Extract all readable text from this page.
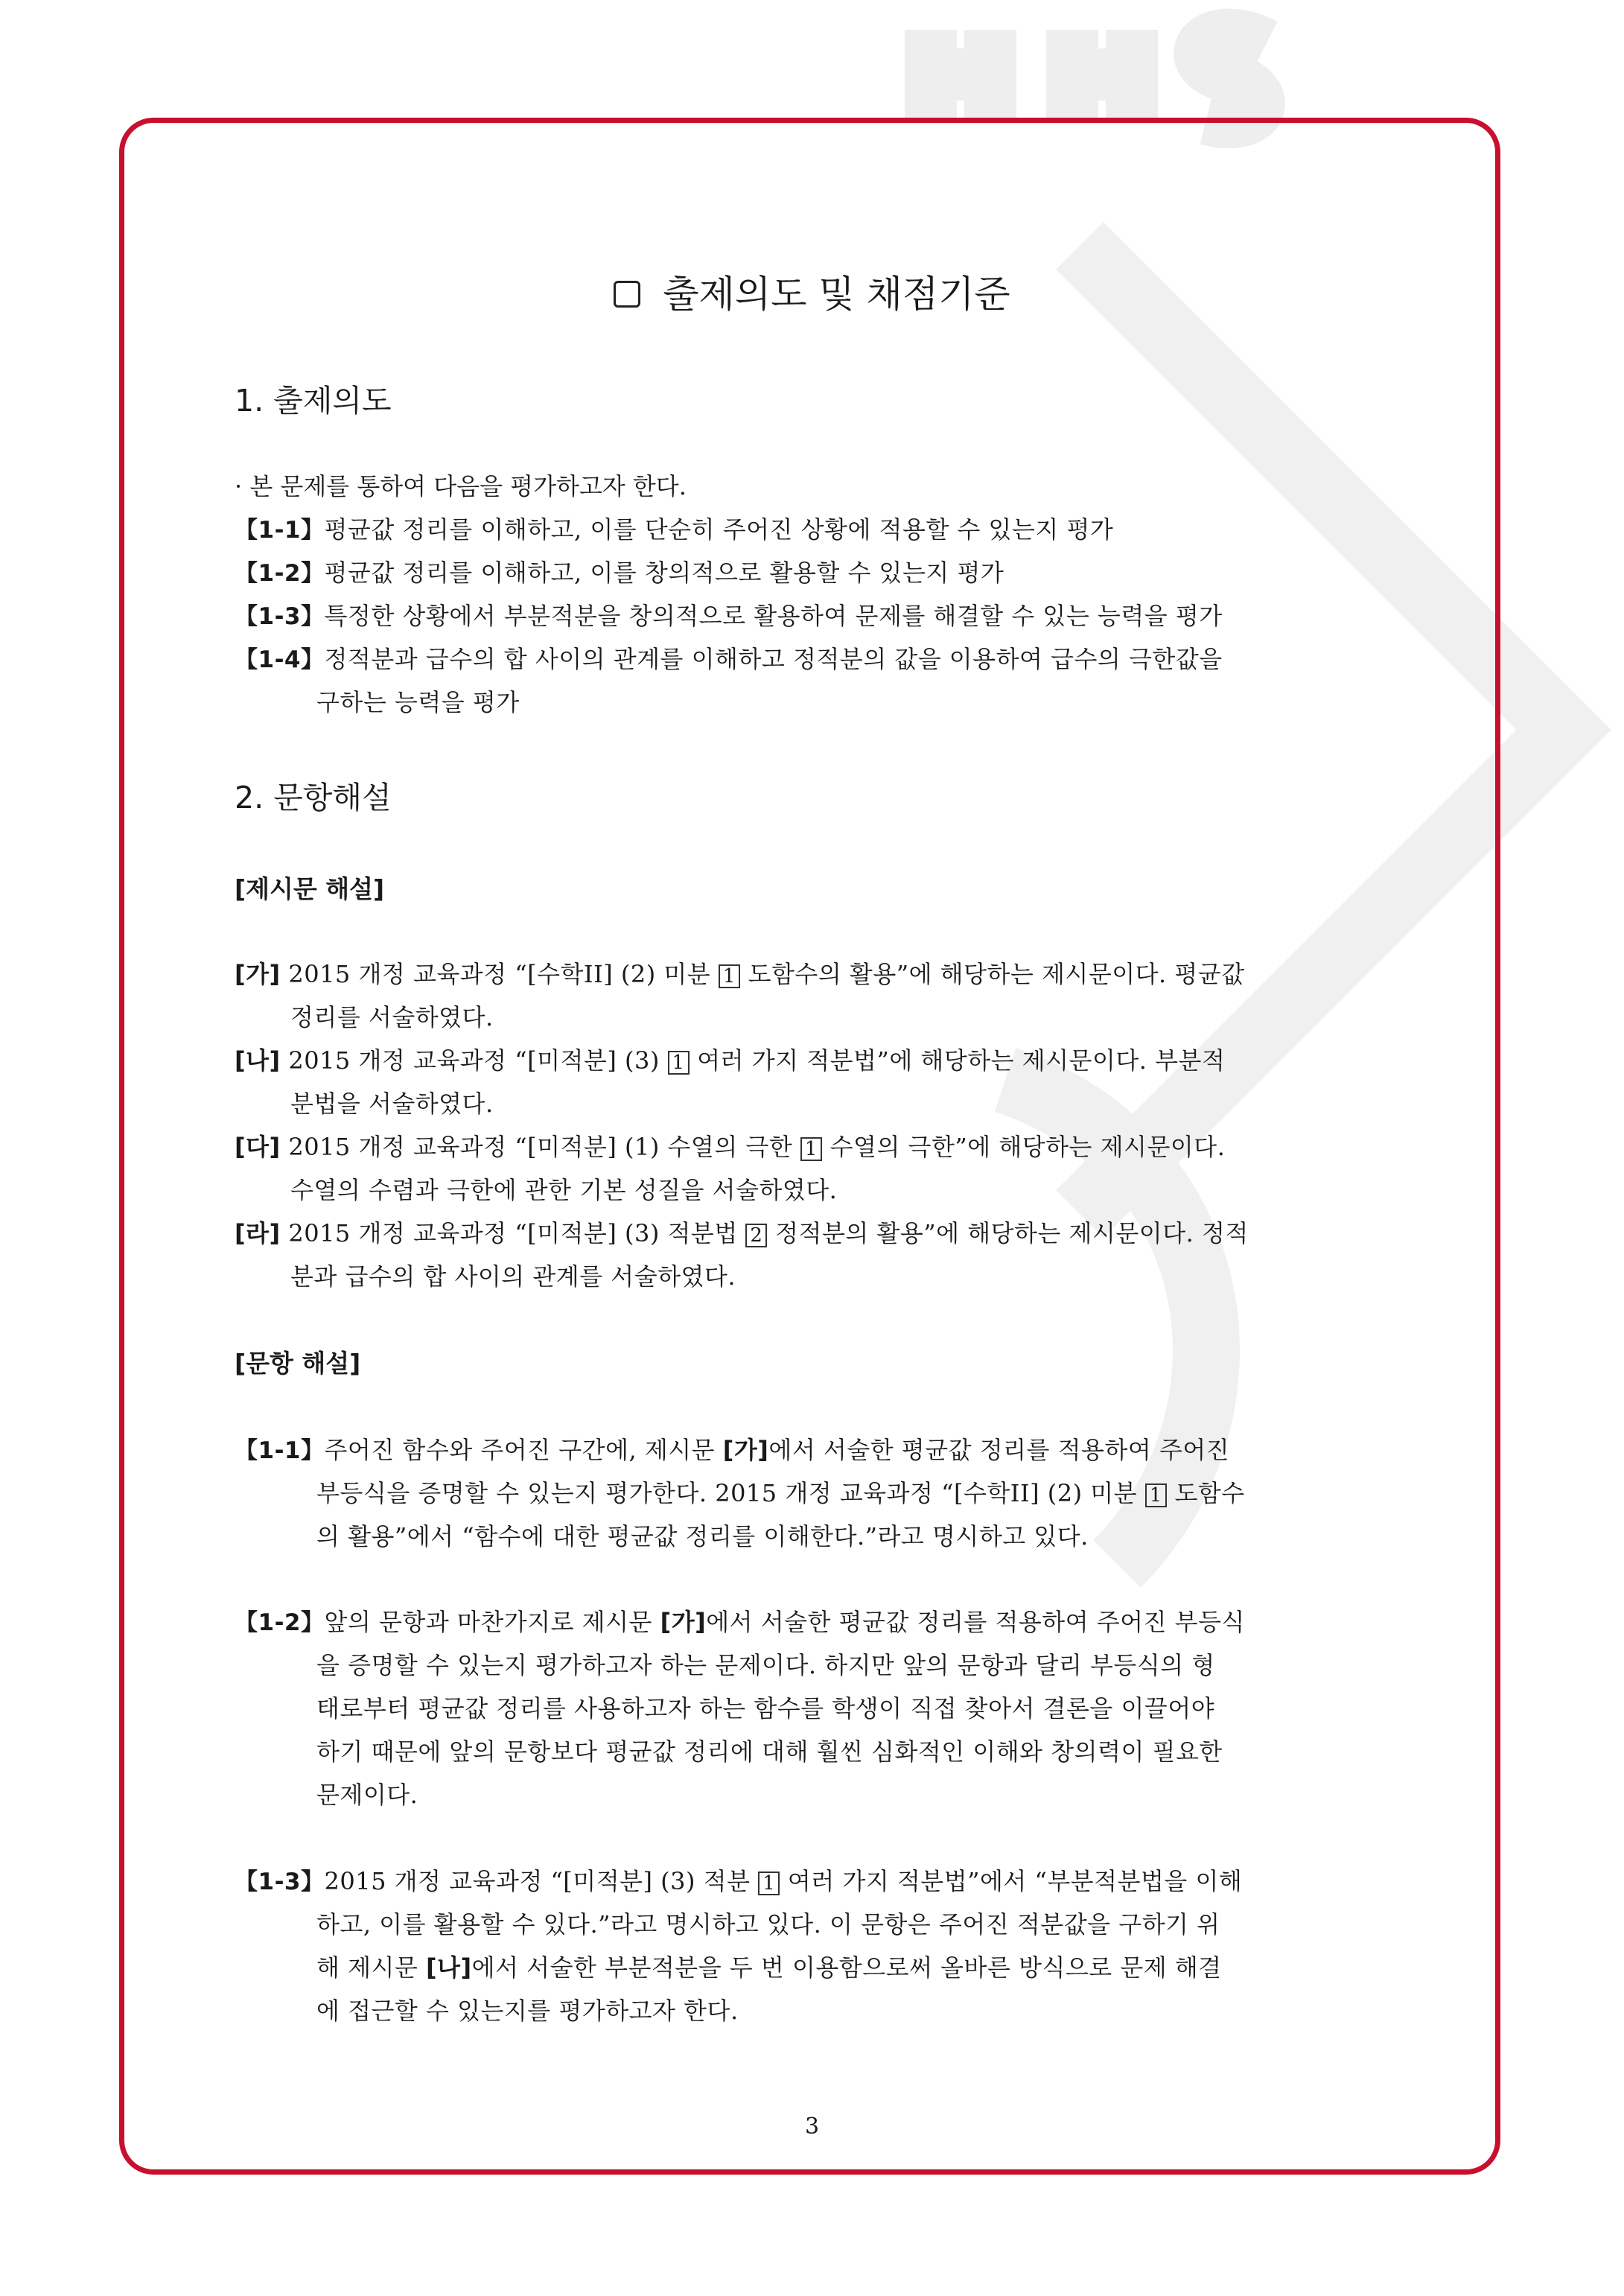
출제의도 및 채점기준
1. 출제의도
· 본 문제를 통하여 다음을 평가하고자 한다.
【1-1】평균값 정리를 이해하고, 이를 단순히 주어진 상황에 적용할 수 있는지 평가
【1-2】평균값 정리를 이해하고, 이를 창의적으로 활용할 수 있는지 평가
【1-3】특정한 상황에서 부분적분을 창의적으로 활용하여 문제를 해결할 수 있는 능력을 평가
【1-4】정적분과 급수의 합 사이의 관계를 이해하고 정적분의 값을 이용하여 급수의 극한값을
구하는 능력을 평가
2. 문항해설
[제시문 해설]
[가] 2015 개정 교육과정 “[수학II] (2) 미분 1 도함수의 활용”에 해당하는 제시문이다. 평균값
정리를 서술하였다.
[나] 2015 개정 교육과정 “[미적분] (3) 1 여러 가지 적분법”에 해당하는 제시문이다. 부분적
분법을 서술하였다.
[다] 2015 개정 교육과정 “[미적분] (1) 수열의 극한 1 수열의 극한”에 해당하는 제시문이다.
수열의 수렴과 극한에 관한 기본 성질을 서술하였다.
[라] 2015 개정 교육과정 “[미적분] (3) 적분법 2 정적분의 활용”에 해당하는 제시문이다. 정적
분과 급수의 합 사이의 관계를 서술하였다.
[문항 해설]
【1-1】주어진 함수와 주어진 구간에, 제시문 [가]에서 서술한 평균값 정리를 적용하여 주어진
부등식을 증명할 수 있는지 평가한다. 2015 개정 교육과정 “[수학II] (2) 미분 1 도함수
의 활용”에서 “함수에 대한 평균값 정리를 이해한다.”라고 명시하고 있다.
【1-2】앞의 문항과 마찬가지로 제시문 [가]에서 서술한 평균값 정리를 적용하여 주어진 부등식
을 증명할 수 있는지 평가하고자 하는 문제이다. 하지만 앞의 문항과 달리 부등식의 형
태로부터 평균값 정리를 사용하고자 하는 함수를 학생이 직접 찾아서 결론을 이끌어야
하기 때문에 앞의 문항보다 평균값 정리에 대해 훨씬 심화적인 이해와 창의력이 필요한
문제이다.
【1-3】2015 개정 교육과정 “[미적분] (3) 적분 1 여러 가지 적분법”에서 “부분적분법을 이해
하고, 이를 활용할 수 있다.”라고 명시하고 있다. 이 문항은 주어진 적분값을 구하기 위
해 제시문 [나]에서 서술한 부분적분을 두 번 이용함으로써 올바른 방식으로 문제 해결
에 접근할 수 있는지를 평가하고자 한다.
3
